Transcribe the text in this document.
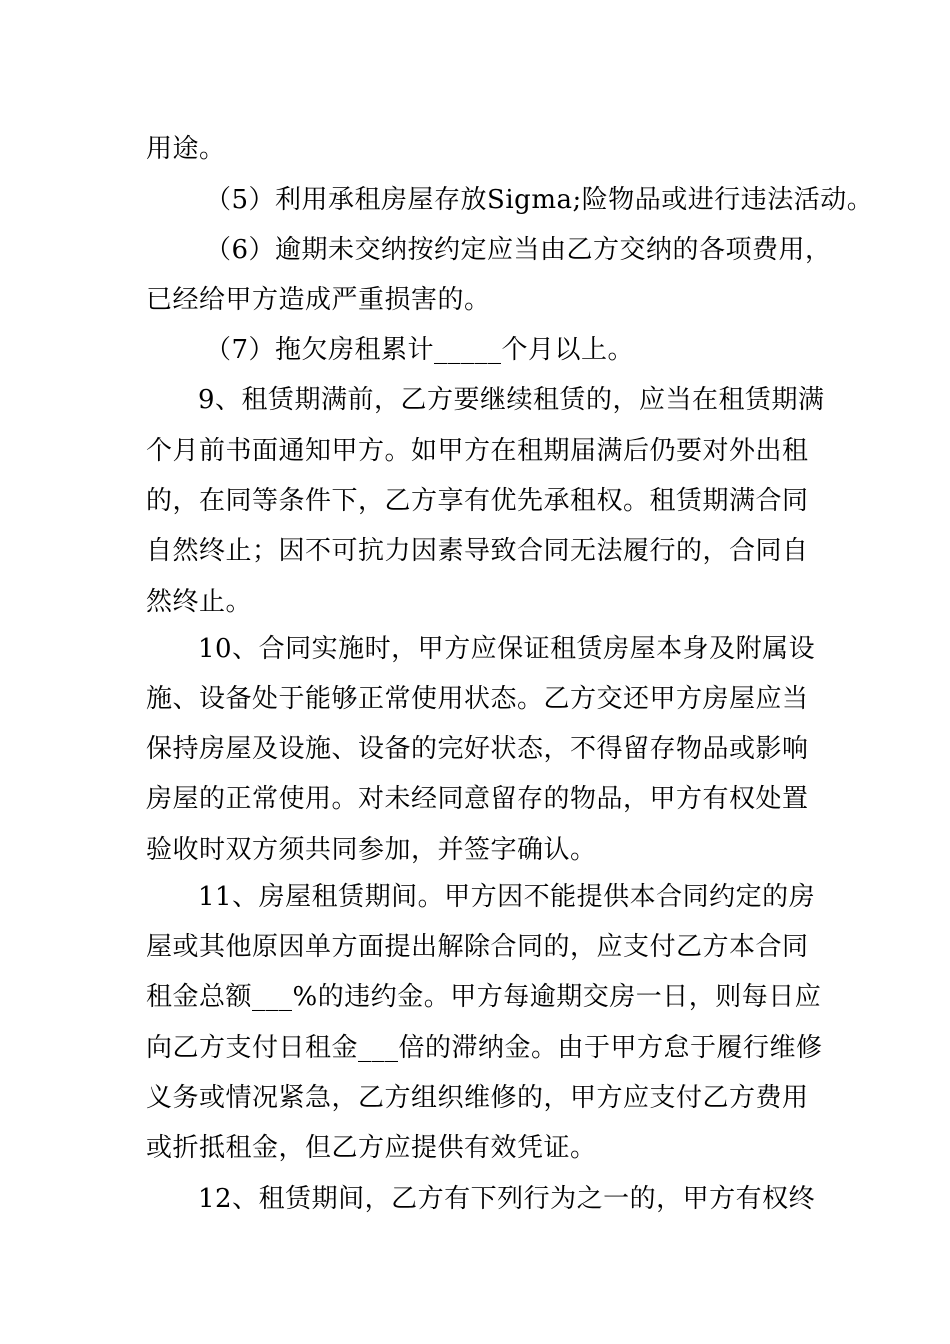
用途。
（5）利用承租房屋存放Sigma;险物品或进行违法活动。
（6）逾期未交纳按约定应当由乙方交纳的各项费用，
已经给甲方造成严重损害的。
（7）拖欠房租累计_____个月以上。
9、租赁期满前，乙方要继续租赁的，应当在租赁期满
个月前书面通知甲方。如甲方在租期届满后仍要对外出租
的，在同等条件下，乙方享有优先承租权。租赁期满合同
自然终止；因不可抗力因素导致合同无法履行的，合同自
然终止。
10、合同实施时，甲方应保证租赁房屋本身及附属设
施、设备处于能够正常使用状态。乙方交还甲方房屋应当
保持房屋及设施、设备的完好状态，不得留存物品或影响
房屋的正常使用。对未经同意留存的物品，甲方有权处置
验收时双方须共同参加，并签字确认。
11、房屋租赁期间。甲方因不能提供本合同约定的房
屋或其他原因单方面提出解除合同的，应支付乙方本合同
租金总额___%的违约金。甲方每逾期交房一日，则每日应
向乙方支付日租金___倍的滞纳金。由于甲方怠于履行维修
义务或情况紧急，乙方组织维修的，甲方应支付乙方费用
或折抵租金，但乙方应提供有效凭证。
12、租赁期间，乙方有下列行为之一的，甲方有权终
